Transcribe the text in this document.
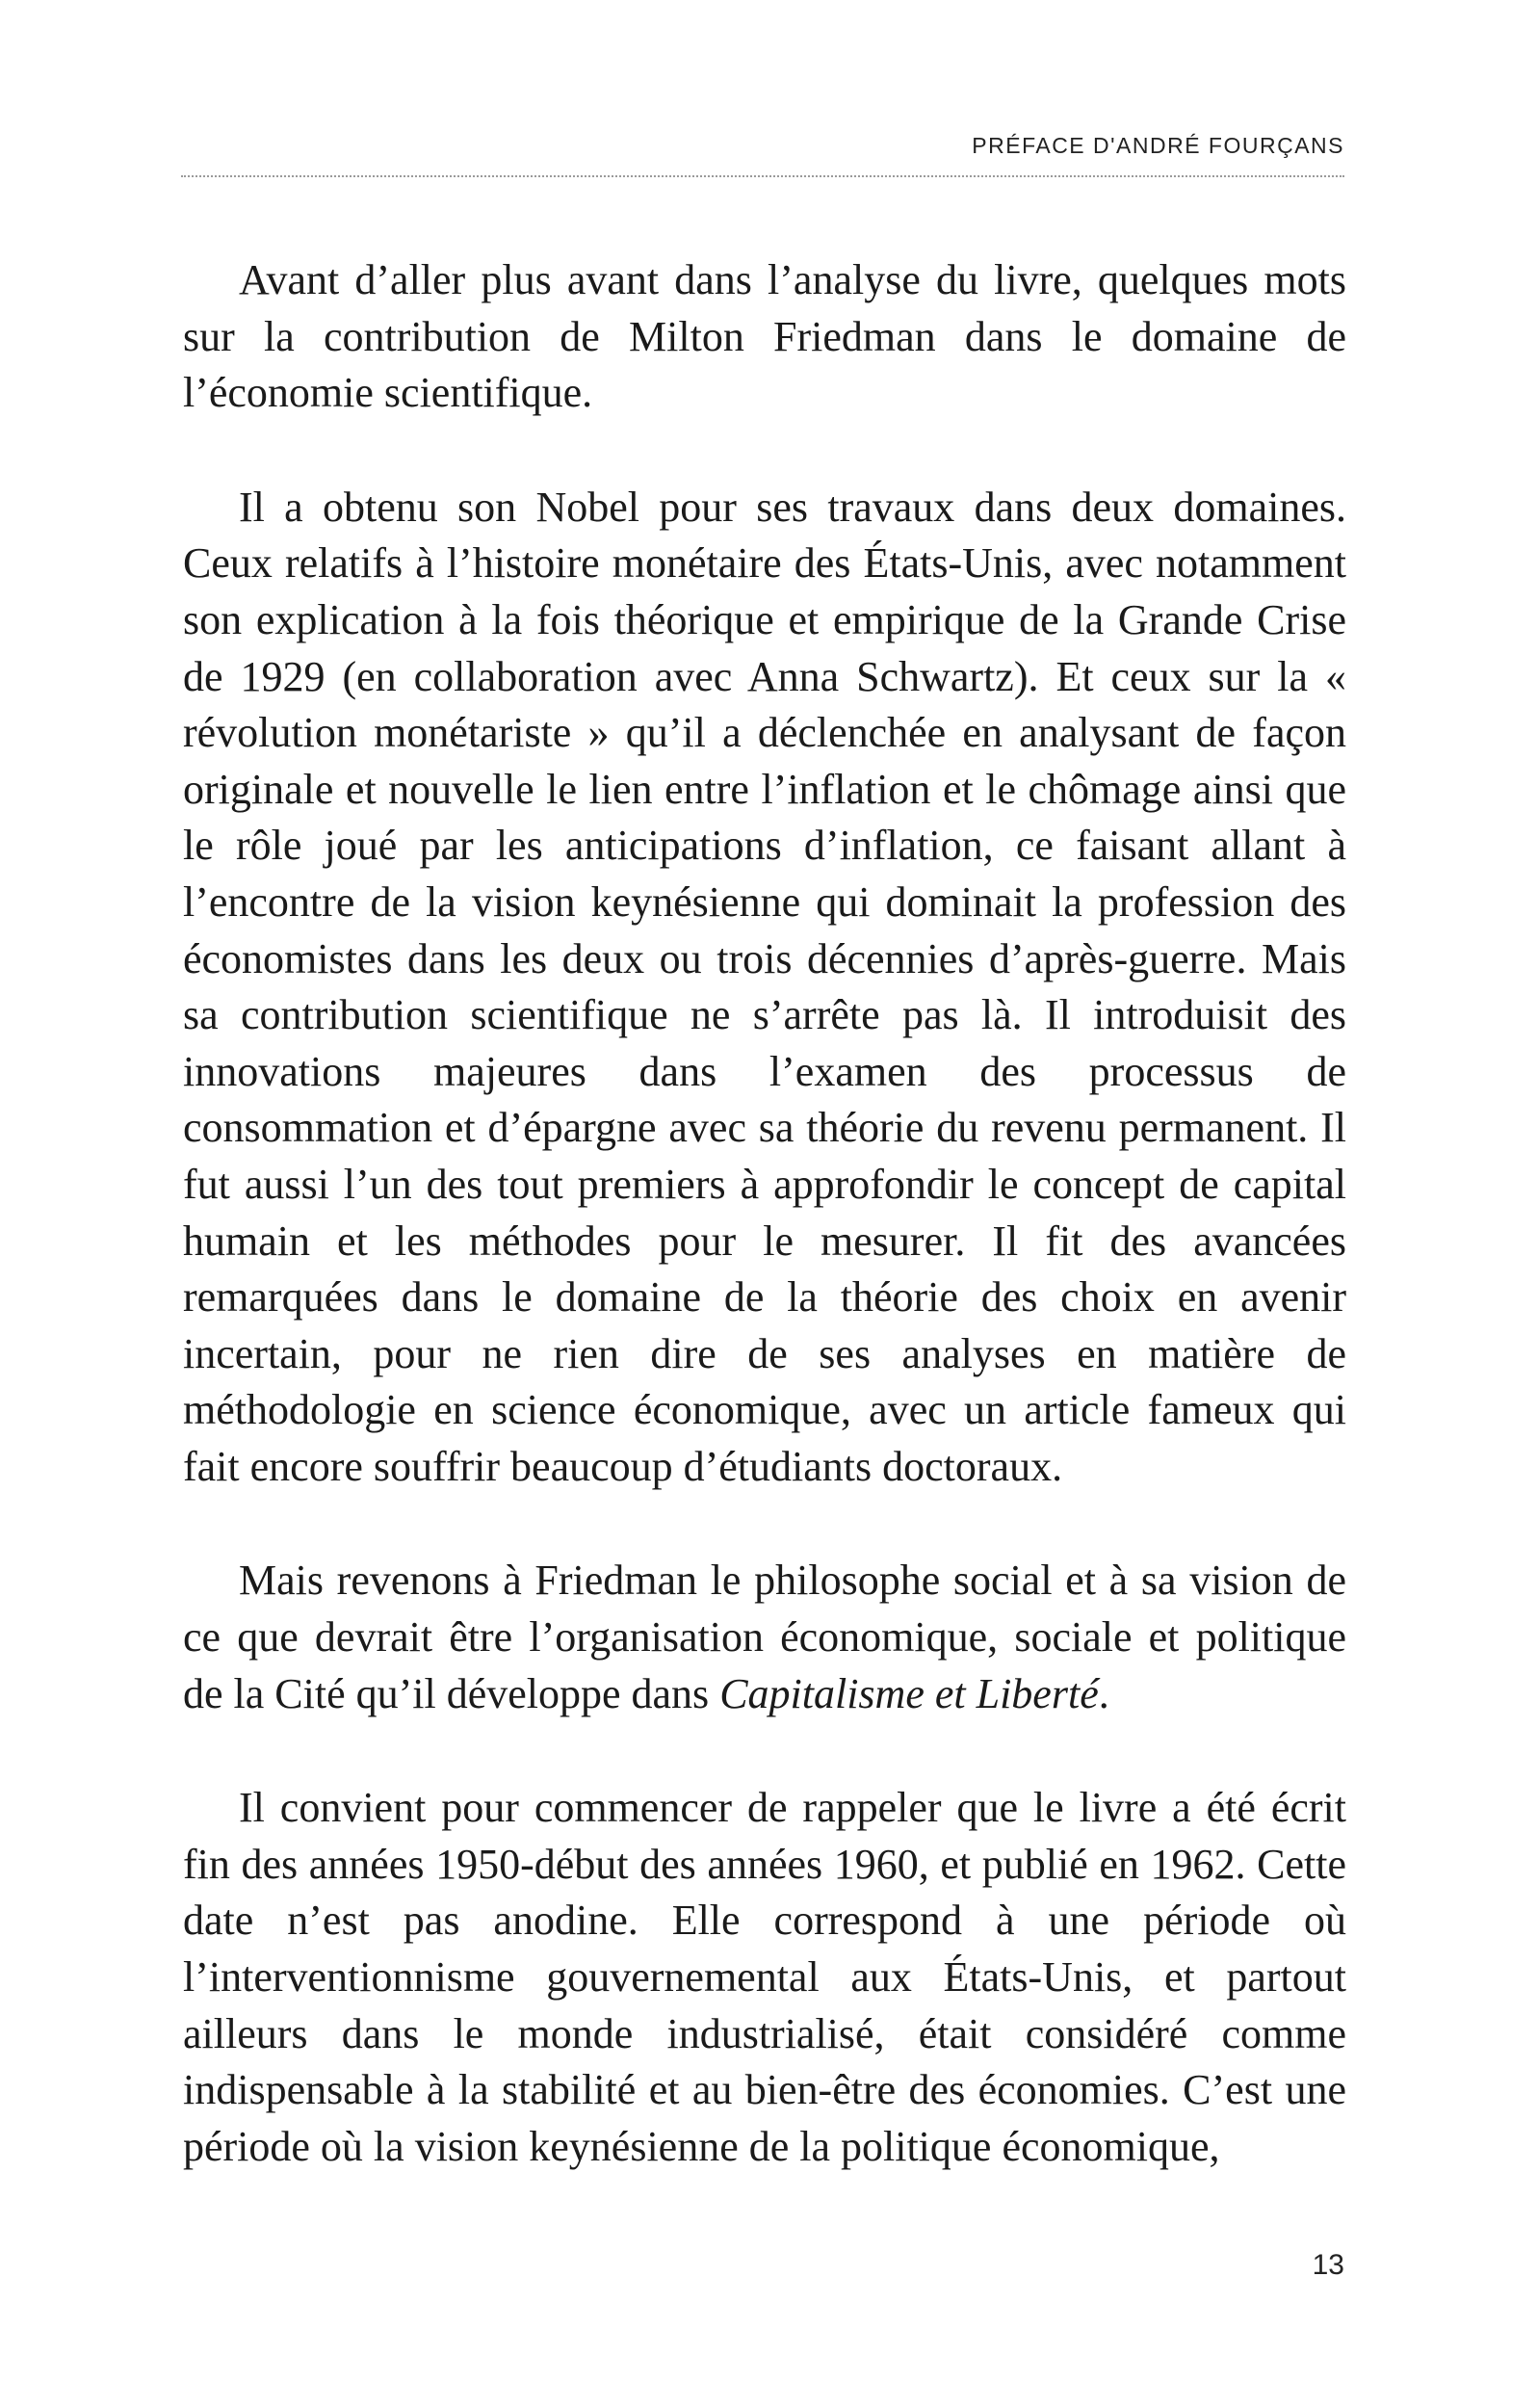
PRÉFACE D'ANDRÉ FOURÇANS

Avant d’aller plus avant dans l’analyse du livre, quelques mots sur la contribution de Milton Friedman dans le domaine de l’économie scientifique.

Il a obtenu son Nobel pour ses travaux dans deux domaines. Ceux relatifs à l’histoire monétaire des États-Unis, avec notamment son explication à la fois théorique et empirique de la Grande Crise de 1929 (en collaboration avec Anna Schwartz). Et ceux sur la « révolution monétariste » qu’il a déclenchée en analysant de façon originale et nouvelle le lien entre l’inflation et le chômage ainsi que le rôle joué par les anticipations d’inflation, ce faisant allant à l’encontre de la vision keynésienne qui dominait la profession des économistes dans les deux ou trois décennies d’après-guerre. Mais sa contribution scientifique ne s’arrête pas là. Il introduisit des innovations majeures dans l’examen des processus de consommation et d’épargne avec sa théorie du revenu permanent. Il fut aussi l’un des tout premiers à approfondir le concept de capital humain et les méthodes pour le mesurer. Il fit des avancées remarquées dans le domaine de la théorie des choix en avenir incertain, pour ne rien dire de ses analyses en matière de méthodologie en science économique, avec un article fameux qui fait encore souffrir beaucoup d’étudiants doctoraux.

Mais revenons à Friedman le philosophe social et à sa vision de ce que devrait être l’organisation économique, sociale et politique de la Cité qu’il développe dans Capitalisme et Liberté.

Il convient pour commencer de rappeler que le livre a été écrit fin des années 1950-début des années 1960, et publié en 1962. Cette date n’est pas anodine. Elle correspond à une période où l’interventionnisme gouvernemental aux États-Unis, et partout ailleurs dans le monde industrialisé, était considéré comme indispensable à la stabilité et au bien-être des économies. C’est une période où la vision keynésienne de la politique économique,

13
